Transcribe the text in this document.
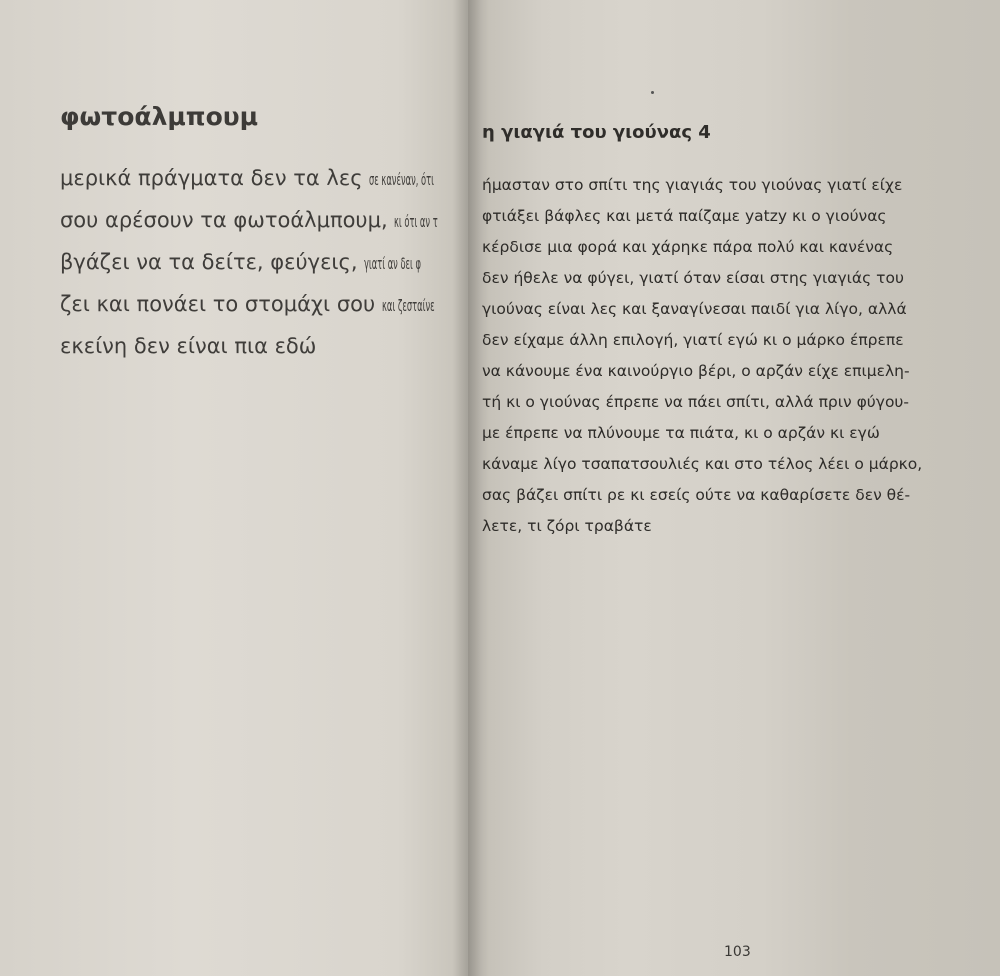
φωτοάλμπουμ
μερικά πράγματα δεν τα λες σε κανέναν, ότι
σου αρέσουν τα φωτοάλμπουμ, κι ότι αν τ
βγάζει να τα δείτε, φεύγεις, γιατί αν δει φ
ζει και πονάει το στομάχι σου και ζεσταίνε
εκείνη δεν είναι πια εδώ
η γιαγιά του γιούνας 4
ήμασταν στο σπίτι της γιαγιάς του γιούνας γιατί είχε
φτιάξει βάφλες και μετά παίζαμε yatzy κι ο γιούνας
κέρδισε μια φορά και χάρηκε πάρα πολύ και κανένας
δεν ήθελε να φύγει, γιατί όταν είσαι στης γιαγιάς του
γιούνας είναι λες και ξαναγίνεσαι παιδί για λίγο, αλλά
δεν είχαμε άλλη επιλογή, γιατί εγώ κι ο μάρκο έπρεπε
να κάνουμε ένα καινούργιο βέρι, ο αρζάν είχε επιμελη-
τή κι ο γιούνας έπρεπε να πάει σπίτι, αλλά πριν φύγου-
με έπρεπε να πλύνουμε τα πιάτα, κι ο αρζάν κι εγώ
κάναμε λίγο τσαπατσουλιές και στο τέλος λέει ο μάρκο,
σας βάζει σπίτι ρε κι εσείς ούτε να καθαρίσετε δεν θέ-
λετε, τι ζόρι τραβάτε
103
